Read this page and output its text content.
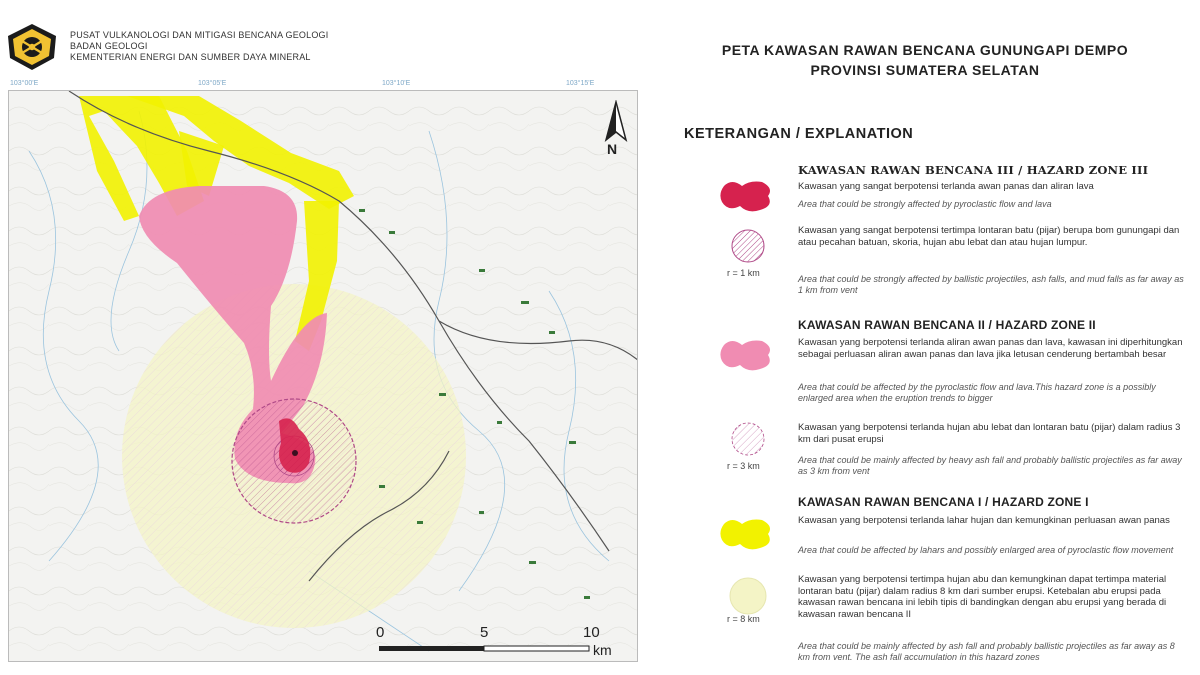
PUSAT VULKANOLOGI DAN MITIGASI BENCANA GEOLOGI
BADAN GEOLOGI
KEMENTERIAN ENERGI DAN SUMBER DAYA MINERAL
103°00'E	103°05'E	103°10'E	103°15'E
N
0	5	10
km
PETA KAWASAN RAWAN BENCANA GUNUNGAPI DEMPO
PROVINSI SUMATERA SELATAN
KETERANGAN / EXPLANATION
KAWASAN RAWAN BENCANA III / HAZARD ZONE III
Kawasan yang sangat berpotensi terlanda awan panas dan aliran lava
Area that could be strongly affected by pyroclastic flow and lava
r = 1 km
Kawasan yang sangat berpotensi tertimpa lontaran batu (pijar) berupa bom gunungapi dan atau pecahan batuan, skoria, hujan abu lebat dan atau hujan lumpur.
Area that could be strongly affected by ballistic projectiles, ash falls, and mud falls as far away as 1 km from vent
KAWASAN RAWAN BENCANA II / HAZARD ZONE II
Kawasan yang berpotensi terlanda aliran awan panas dan lava, kawasan ini diperhitungkan sebagai perluasan aliran awan panas dan lava jika letusan cenderung bertambah besar
Area that could be affected by the pyroclastic flow and lava.This hazard zone is a possibly enlarged area when the eruption trends to bigger
r = 3 km
Kawasan yang berpotensi terlanda hujan abu lebat dan lontaran batu (pijar) dalam radius 3 km dari pusat erupsi
Area that could be mainly affected by heavy ash fall and probably ballistic projectiles as far away as 3 km from vent
KAWASAN RAWAN BENCANA I / HAZARD ZONE I
Kawasan yang berpotensi terlanda lahar hujan dan kemungkinan perluasan awan panas
Area that could be affected by lahars and possibly enlarged area of pyroclastic flow movement
r = 8 km
Kawasan yang berpotensi tertimpa hujan abu dan kemungkinan dapat tertimpa material lontaran batu (pijar) dalam radius 8 km dari sumber erupsi. Ketebalan abu erupsi pada kawasan rawan bencana ini lebih tipis di bandingkan dengan abu erupsi yang berada di kawasan rawan bencana II
Area that could be mainly affected by ash fall and probably ballistic projectiles as far away as 8 km from vent. The ash fall accumulation in this hazard zones
